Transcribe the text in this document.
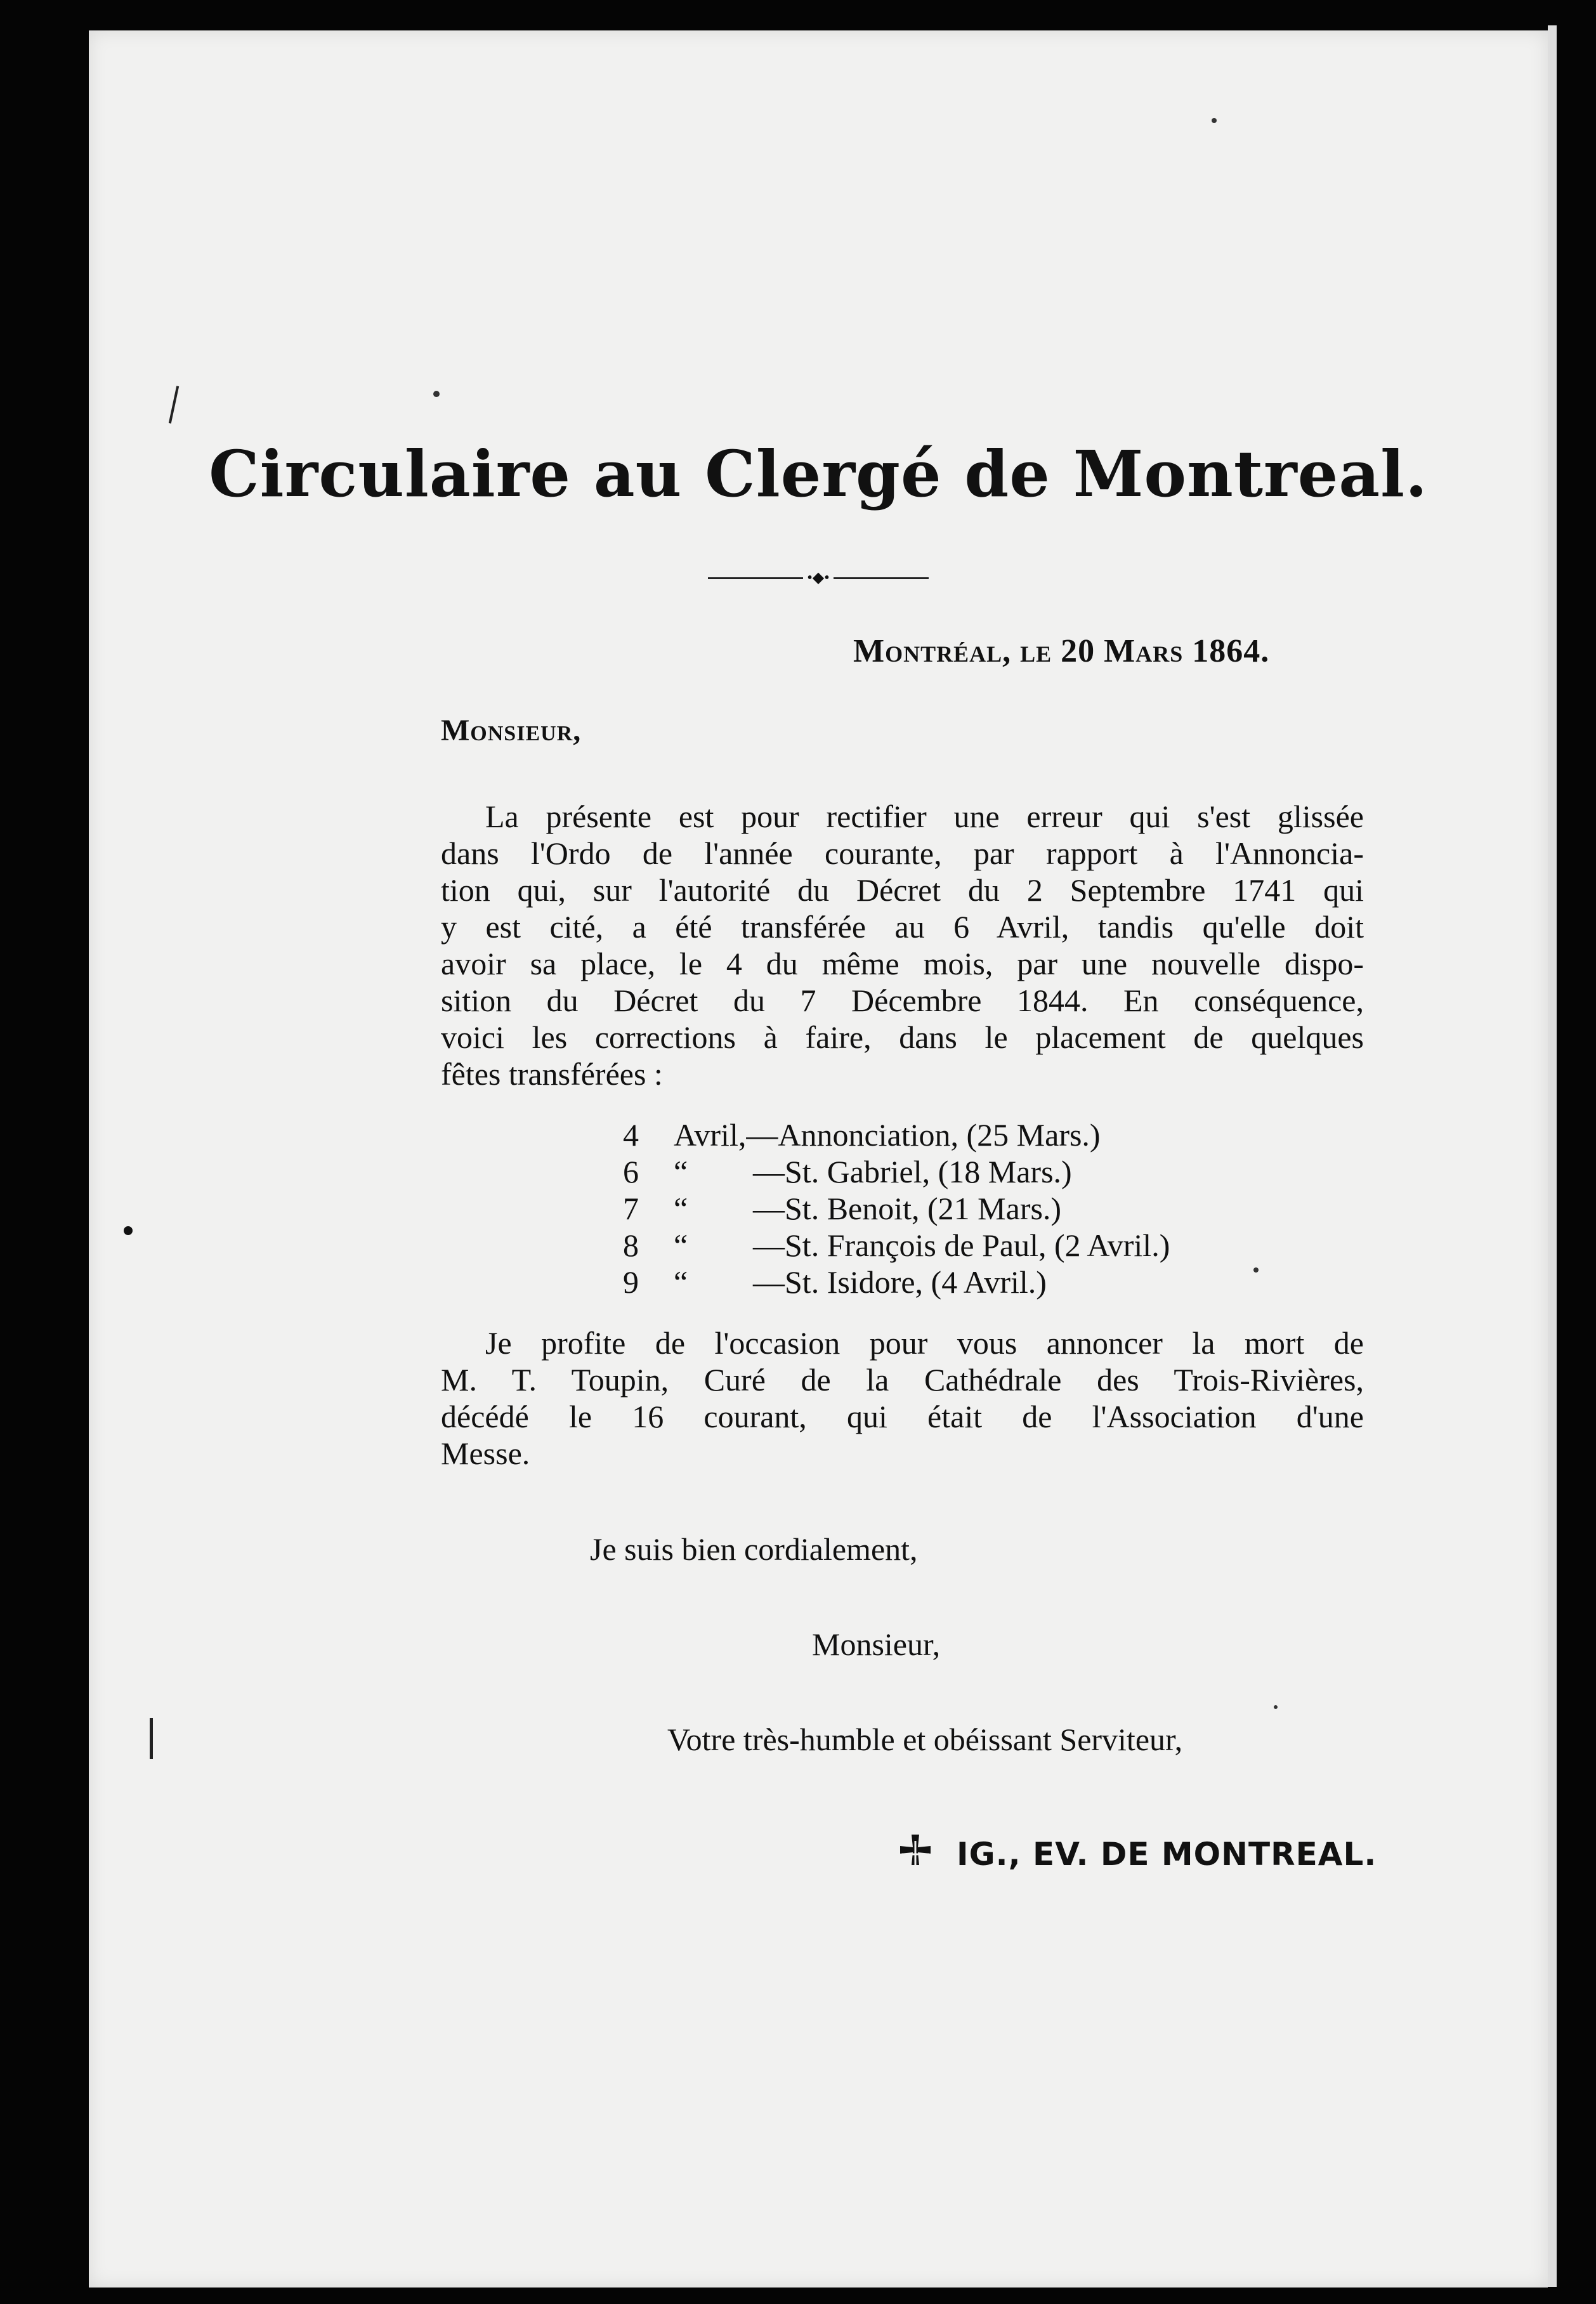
Circulaire au Clergé de Montreal.
•◆•
Montréal, le 20 Mars 1864.
Monsieur,
La présente est pour rectifier une erreur qui s'est glissée
dans l'Ordo de l'année courante, par rapport à l'Annoncia-
tion qui, sur l'autorité du Décret du 2 Septembre 1741 qui
y est cité, a été transférée au 6 Avril, tandis qu'elle doit
avoir sa place, le 4 du même mois, par une nouvelle dispo-
sition du Décret du 7 Décembre 1844. En conséquence,
voici les corrections à faire, dans le placement de quelques
fêtes transférées :
4	Avril, —Annonciation, (25 Mars.)
6	“	—St. Gabriel, (18 Mars.)
7	“	—St. Benoit, (21 Mars.)
8	“	—St. François de Paul, (2 Avril.)
9	“	—St. Isidore, (4 Avril.)
Je profite de l'occasion pour vous annoncer la mort de
M. T. Toupin, Curé de la Cathédrale des Trois-Rivières,
décédé le 16 courant, qui était de l'Association d'une
Messe.
Je suis bien cordialement,
Monsieur,
Votre très-humble et obéissant Serviteur,
IG., EV. DE MONTREAL.
